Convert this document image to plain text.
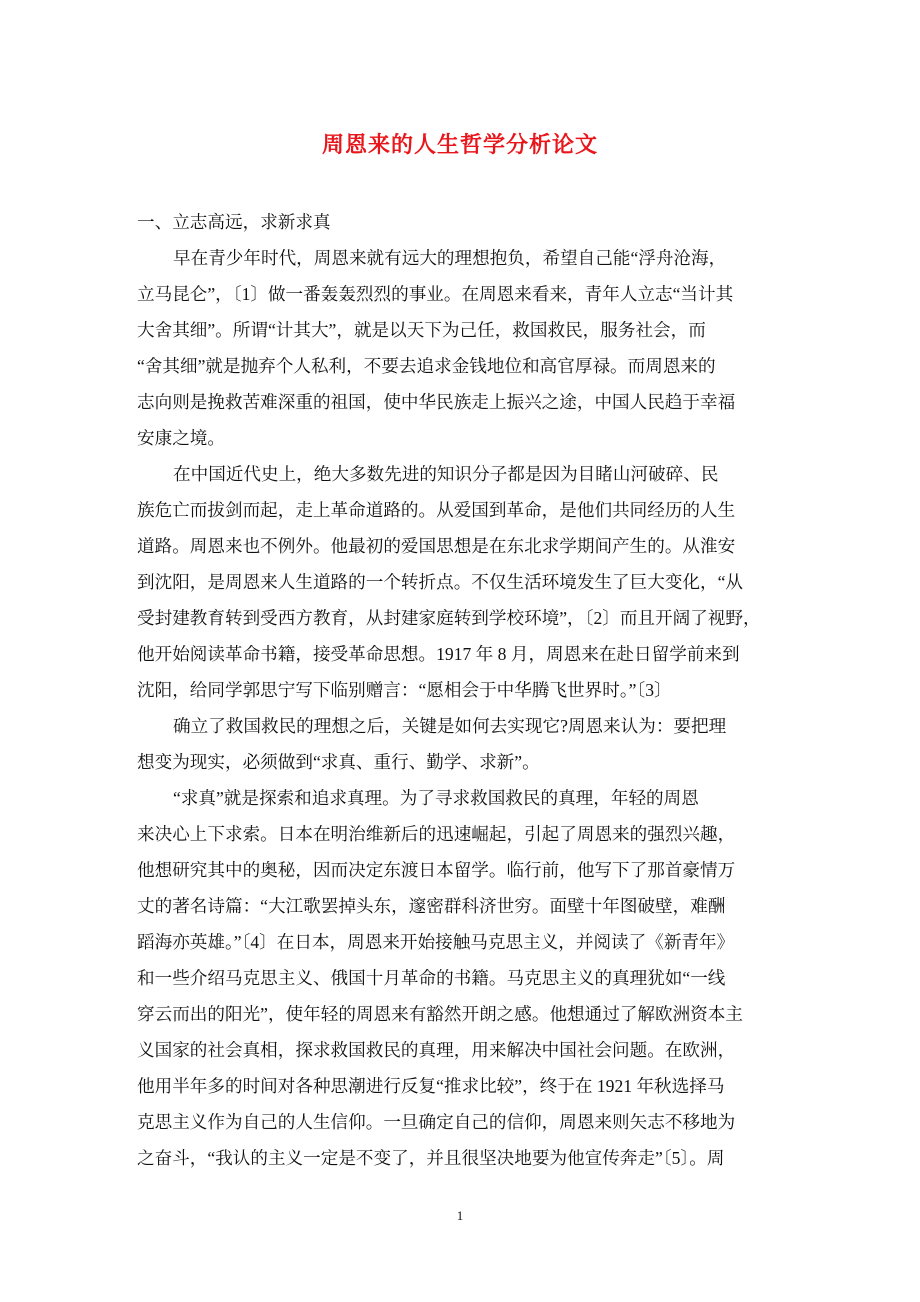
周恩来的人生哲学分析论文
一、立志高远，求新求真
早在青少年时代，周恩来就有远大的理想抱负，希望自己能“浮舟沧海，
立马昆仑”，〔1〕做一番轰轰烈烈的事业。在周恩来看来，青年人立志“当计其
大舍其细”。所谓“计其大”，就是以天下为己任，救国救民，服务社会，而
“舍其细”就是抛弃个人私利，不要去追求金钱地位和高官厚禄。而周恩来的
志向则是挽救苦难深重的祖国，使中华民族走上振兴之途，中国人民趋于幸福
安康之境。
在中国近代史上，绝大多数先进的知识分子都是因为目睹山河破碎、民
族危亡而拔剑而起，走上革命道路的。从爱国到革命，是他们共同经历的人生
道路。周恩来也不例外。他最初的爱国思想是在东北求学期间产生的。从淮安
到沈阳，是周恩来人生道路的一个转折点。不仅生活环境发生了巨大变化，“从
受封建教育转到受西方教育，从封建家庭转到学校环境”，〔2〕而且开阔了视野，
他开始阅读革命书籍，接受革命思想。1917 年 8 月，周恩来在赴日留学前来到
沈阳，给同学郭思宁写下临别赠言：“愿相会于中华腾飞世界时。”〔3〕
确立了救国救民的理想之后，关键是如何去实现它?周恩来认为：要把理
想变为现实，必须做到“求真、重行、勤学、求新”。
“求真”就是探索和追求真理。为了寻求救国救民的真理，年轻的周恩
来决心上下求索。日本在明治维新后的迅速崛起，引起了周恩来的强烈兴趣，
他想研究其中的奥秘，因而决定东渡日本留学。临行前，他写下了那首豪情万
丈的著名诗篇：“大江歌罢掉头东，邃密群科济世穷。面壁十年图破壁，难酬
蹈海亦英雄。”〔4〕在日本，周恩来开始接触马克思主义，并阅读了《新青年》
和一些介绍马克思主义、俄国十月革命的书籍。马克思主义的真理犹如“一线
穿云而出的阳光”，使年轻的周恩来有豁然开朗之感。他想通过了解欧洲资本主
义国家的社会真相，探求救国救民的真理，用来解决中国社会问题。在欧洲，
他用半年多的时间对各种思潮进行反复“推求比较”，终于在 1921 年秋选择马
克思主义作为自己的人生信仰。一旦确定自己的信仰，周恩来则矢志不移地为
之奋斗，“我认的主义一定是不变了，并且很坚决地要为他宣传奔走”〔5〕。周
1
